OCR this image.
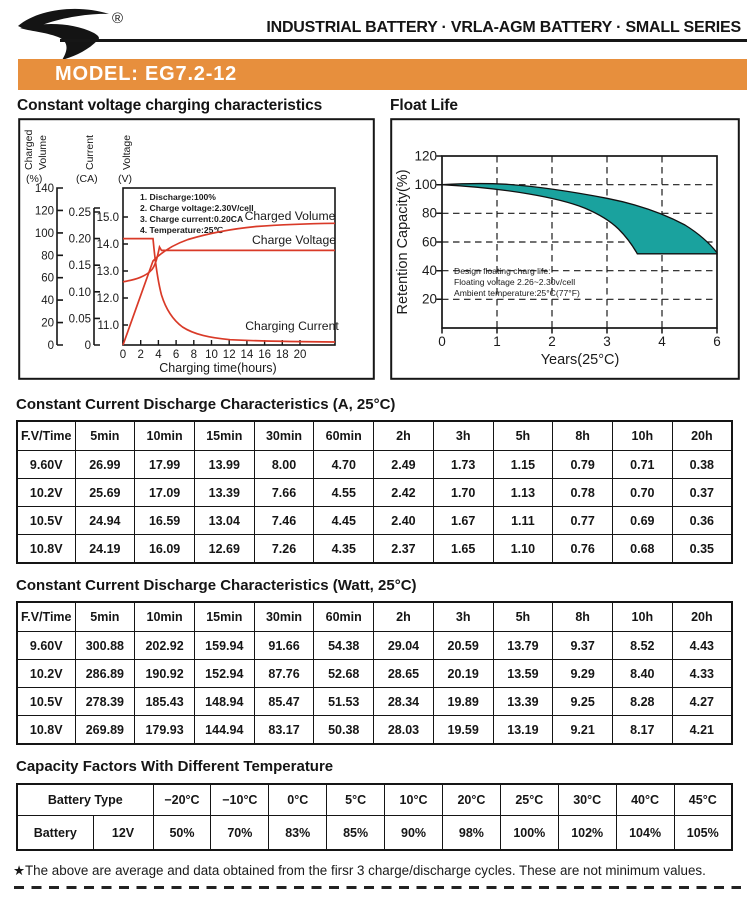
®
INDUSTRIAL BATTERY · VRLA-AGM BATTERY · SMALL SERIES
MODEL: EG7.2-12
Constant voltage charging characteristics	Float Life
Charged Volume
(%)
Current
(CA)
Voltage
(V)
140
120
100
80
60
40
20
0
0.25
0.20
0.15
0.10
0.05
0
15.0
14.0
13.0
12.0
11.0
0 2 4 6 8 10 12 14 16 18 20
Charging time(hours)
1. Discharge:100%
2. Charge voltage:2.30V/cell
3. Charge current:0.20CA
4. Temperature:25℃
Charged Volume
Charge Voltage
Charging Current
Retention Capacity(%)
120
100
80
60
40
20
0	1	2	3	4	6
Years(25°C)
Design floating charg life:
Floating voltage 2.26~2.30v/cell
Ambient temperature:25°C(77°F)
Constant Current Discharge Characteristics (A, 25°C)
F.V/Time	5min	10min	15min	30min	60min	2h	3h	5h	8h	10h	20h
9.60V	26.99	17.99	13.99	8.00	4.70	2.49	1.73	1.15	0.79	0.71	0.38
10.2V	25.69	17.09	13.39	7.66	4.55	2.42	1.70	1.13	0.78	0.70	0.37
10.5V	24.94	16.59	13.04	7.46	4.45	2.40	1.67	1.11	0.77	0.69	0.36
10.8V	24.19	16.09	12.69	7.26	4.35	2.37	1.65	1.10	0.76	0.68	0.35
Constant Current Discharge Characteristics (Watt, 25°C)
F.V/Time	5min	10min	15min	30min	60min	2h	3h	5h	8h	10h	20h
9.60V	300.88	202.92	159.94	91.66	54.38	29.04	20.59	13.79	9.37	8.52	4.43
10.2V	286.89	190.92	152.94	87.76	52.68	28.65	20.19	13.59	9.29	8.40	4.33
10.5V	278.39	185.43	148.94	85.47	51.53	28.34	19.89	13.39	9.25	8.28	4.27
10.8V	269.89	179.93	144.94	83.17	50.38	28.03	19.59	13.19	9.21	8.17	4.21
Capacity Factors With Different Temperature
Battery Type		−20°C	−10°C	0°C	5°C	10°C	20°C	25°C	30°C	40°C	45°C
Battery	12V	50%	70%	83%	85%	90%	98%	100%	102%	104%	105%
★The above are average and data obtained from the firsr 3 charge/discharge cycles. These are not minimum values.
